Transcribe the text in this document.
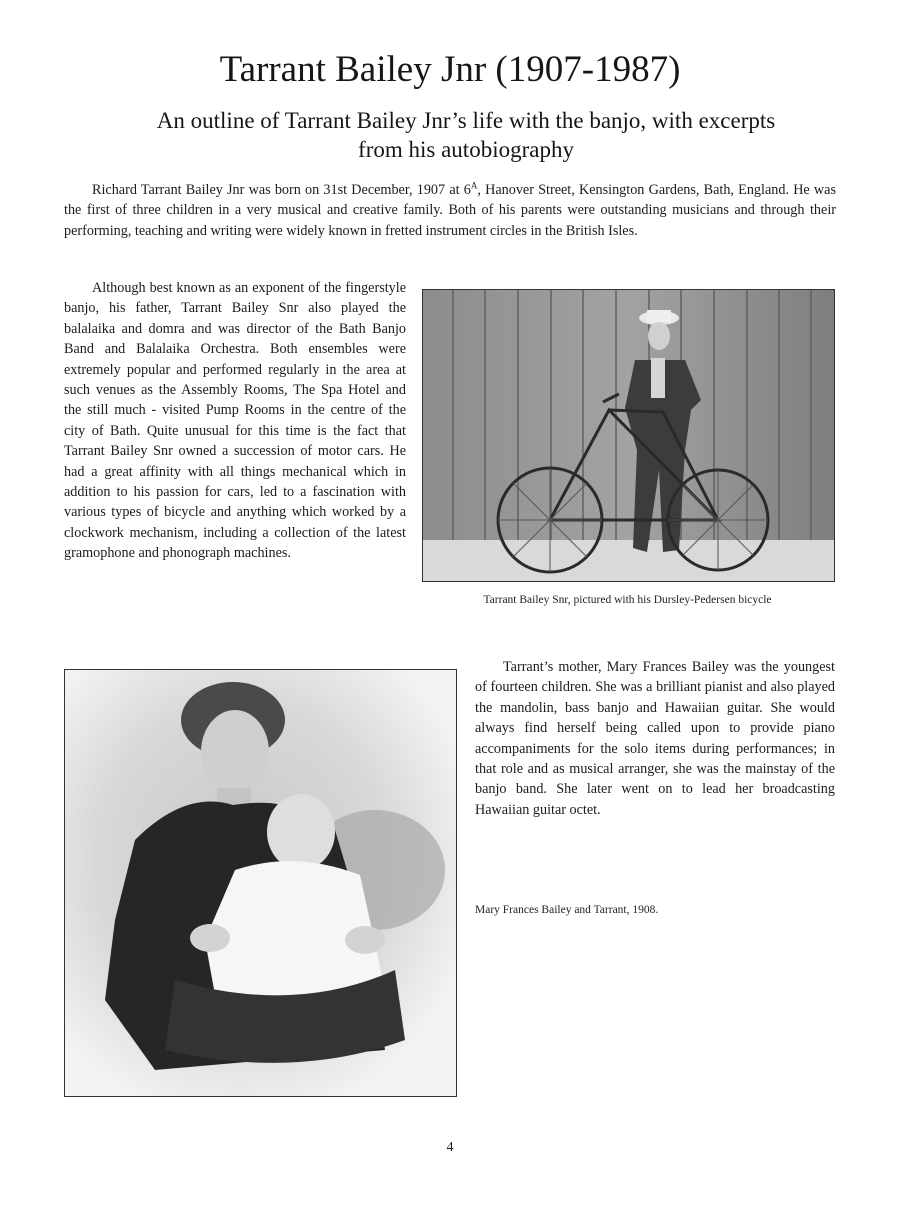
Tarrant Bailey Jnr (1907-1987)
An outline of Tarrant Bailey Jnr’s life with the banjo, with excerpts
from his autobiography

Richard Tarrant Bailey Jnr was born on 31st December, 1907 at $6^A$, Hanover Street, Kensington Gardens, Bath, England. He was the first of three children in a very musical and creative family. Both of his parents were outstanding musicians and through their performing, teaching and writing were widely known in fretted instrument circles in the British Isles.

Although best known as an exponent of the fingerstyle banjo, his father, Tarrant Bailey Snr also played the balalaika and domra and was director of the Bath Banjo Band and Balalaika Orchestra. Both ensembles were extremely popular and performed regularly in the area at such venues as the Assembly Rooms, The Spa Hotel and the still much - visited Pump Rooms in the centre of the city of Bath. Quite unusual for this time is the fact that Tarrant Bailey Snr owned a succession of motor cars. He had a great affinity with all things mechanical which in addition to his passion for cars, led to a fascination with various types of bicycle and anything which worked by a clockwork mechanism, including a collection of the latest gramophone and phonograph machines.

Tarrant Bailey Snr, pictured with his Dursley-Pedersen bicycle

Tarrant’s mother, Mary Frances Bailey was the youngest of fourteen children. She was a brilliant pianist and also played the mandolin, bass banjo and Hawaiian guitar. She would always find herself being called upon to provide piano accompaniments for the solo items during performances; in that role and as musical arranger, she was the mainstay of the banjo band. She later went on to lead her broadcasting Hawaiian guitar octet.

Mary Frances Bailey and Tarrant, 1908.

4
